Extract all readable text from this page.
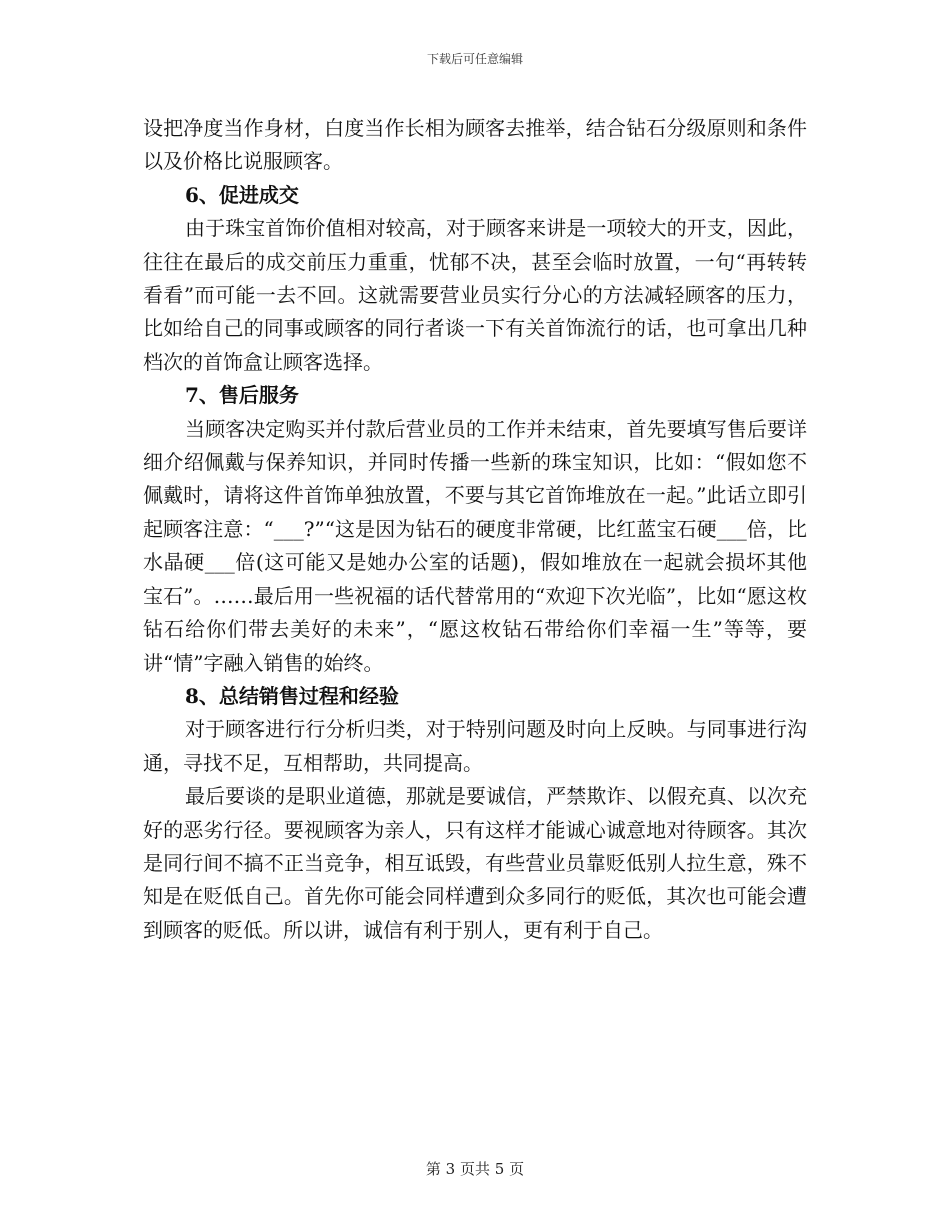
下载后可任意编辑

设把净度当作身材，白度当作长相为顾客去推举，结合钻石分级原则和条件以及价格比说服顾客。

6、促进成交

由于珠宝首饰价值相对较高，对于顾客来讲是一项较大的开支，因此，往往在最后的成交前压力重重，忧郁不决，甚至会临时放置，一句“再转转看看”而可能一去不回。这就需要营业员实行分心的方法减轻顾客的压力，比如给自己的同事或顾客的同行者谈一下有关首饰流行的话，也可拿出几种档次的首饰盒让顾客选择。

7、售后服务

当顾客决定购买并付款后营业员的工作并未结束，首先要填写售后要详细介绍佩戴与保养知识，并同时传播一些新的珠宝知识，比如：“假如您不佩戴时，请将这件首饰单独放置，不要与其它首饰堆放在一起。”此话立即引起顾客注意：“___?”“这是因为钻石的硬度非常硬，比红蓝宝石硬___倍，比水晶硬___倍(这可能又是她办公室的话题)，假如堆放在一起就会损坏其他宝石”。……最后用一些祝福的话代替常用的“欢迎下次光临”，比如“愿这枚钻石给你们带去美好的未来”，“愿这枚钻石带给你们幸福一生”等等，要讲“情”字融入销售的始终。

8、总结销售过程和经验

对于顾客进行行分析归类，对于特别问题及时向上反映。与同事进行沟通，寻找不足，互相帮助，共同提高。

最后要谈的是职业道德，那就是要诚信，严禁欺诈、以假充真、以次充好的恶劣行径。要视顾客为亲人，只有这样才能诚心诚意地对待顾客。其次是同行间不搞不正当竞争，相互诋毁，有些营业员靠贬低别人拉生意，殊不知是在贬低自己。首先你可能会同样遭到众多同行的贬低，其次也可能会遭到顾客的贬低。所以讲，诚信有利于别人，更有利于自己。

第 3 页共 5 页
